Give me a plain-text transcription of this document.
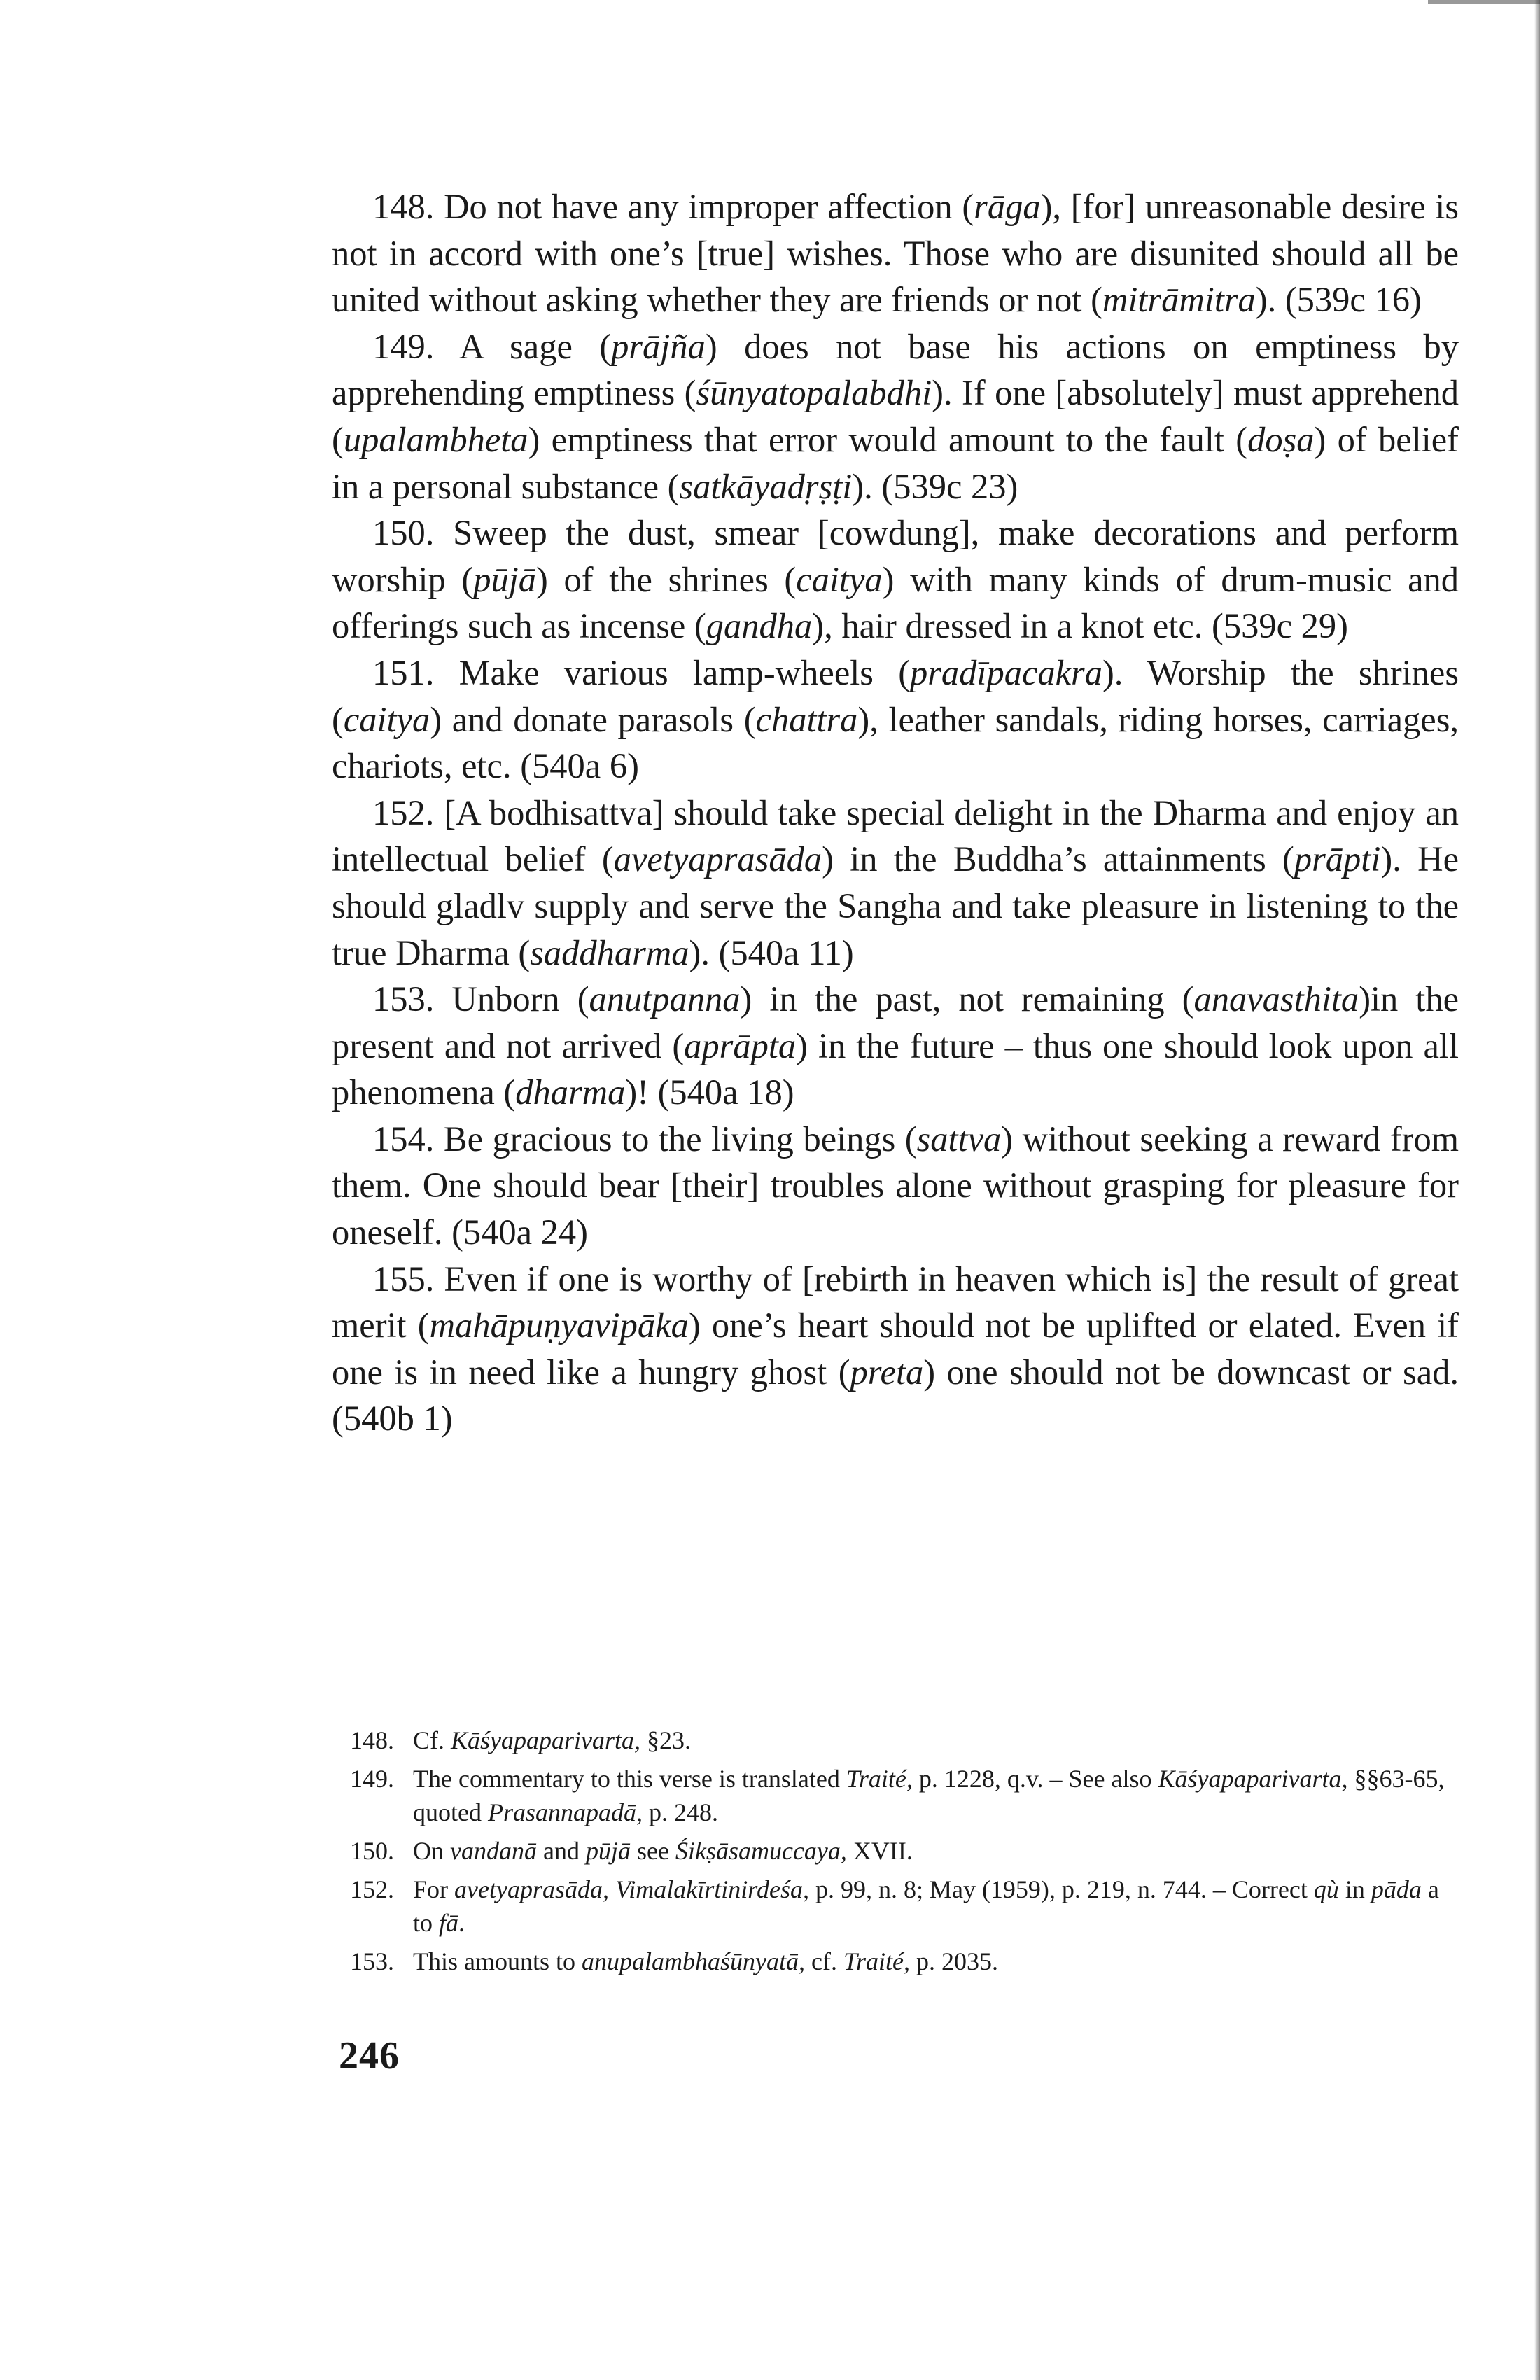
148. Do not have any improper affection (rāga), [for] unreasonable desire is not in accord with one’s [true] wishes. Those who are disunited should all be united without asking whether they are friends or not (mitrāmitra). (539c 16)

149. A sage (prājña) does not base his actions on emptiness by apprehending emptiness (śūnyatopalabdhi). If one [absolutely] must apprehend (upalambheta) emptiness that error would amount to the fault (doṣa) of belief in a personal substance (satkāyadṛṣṭi). (539c 23)

150. Sweep the dust, smear [cowdung], make decorations and perform worship (pūjā) of the shrines (caitya) with many kinds of drum-music and offerings such as incense (gandha), hair dressed in a knot etc. (539c 29)

151. Make various lamp-wheels (pradīpacakra). Worship the shrines (caitya) and donate parasols (chattra), leather sandals, riding horses, carriages, chariots, etc. (540a 6)

152. [A bodhisattva] should take special delight in the Dharma and enjoy an intellectual belief (avetyaprasāda) in the Buddha’s attainments (prāpti). He should gladlv supply and serve the Sangha and take pleasure in listening to the true Dharma (saddharma). (540a 11)

153. Unborn (anutpanna) in the past, not remaining (anavasthita)in the present and not arrived (aprāpta) in the future – thus one should look upon all phenomena (dharma)! (540a 18)

154. Be gracious to the living beings (sattva) without seeking a reward from them. One should bear [their] troubles alone without grasping for pleasure for oneself. (540a 24)

155. Even if one is worthy of [rebirth in heaven which is] the result of great merit (mahāpuṇyavipāka) one’s heart should not be uplifted or elated. Even if one is in need like a hungry ghost (preta) one should not be downcast or sad. (540b 1)

148. Cf. Kāśyapaparivarta, §23.
149. The commentary to this verse is translated Traité, p. 1228, q.v. – See also Kāśyapaparivarta, §§63-65, quoted Prasannapadā, p. 248.
150. On vandanā and pūjā see Śikṣāsamuccaya, XVII.
152. For avetyaprasāda, Vimalakīrtinirdeśa, p. 99, n. 8; May (1959), p. 219, n. 744. – Correct qù in pāda a to fā.
153. This amounts to anupalambhaśūnyatā, cf. Traité, p. 2035.
246
